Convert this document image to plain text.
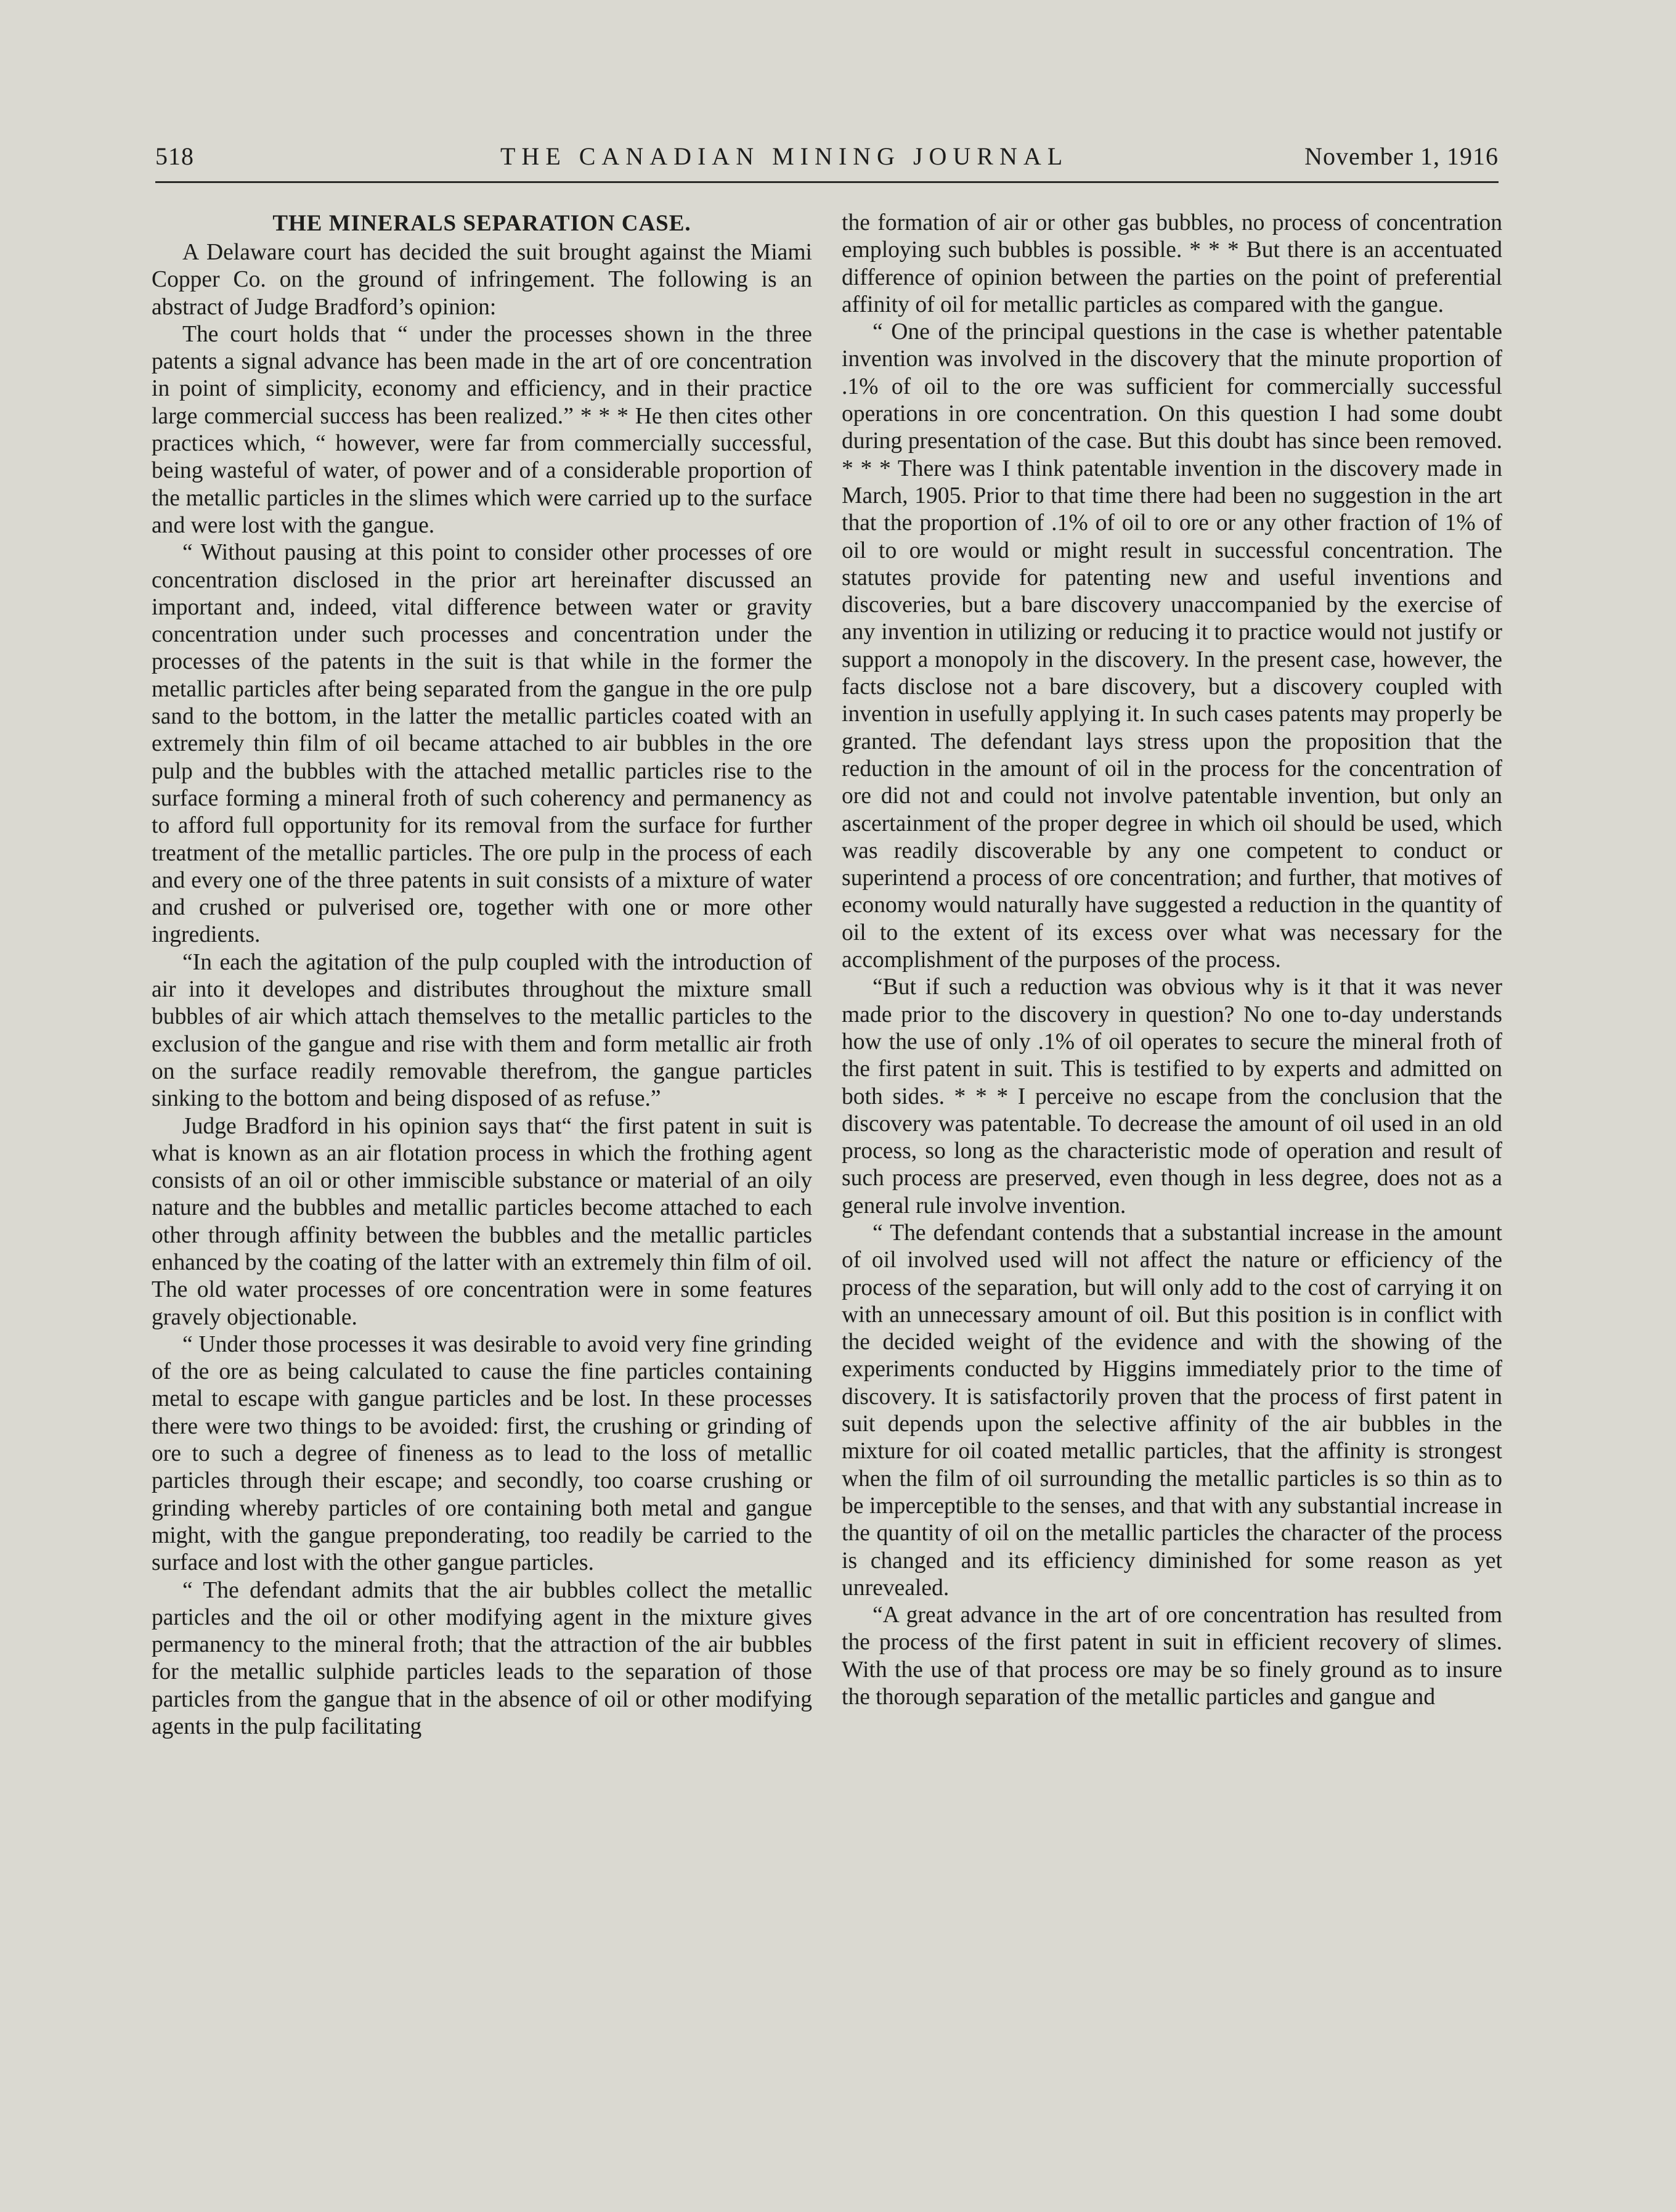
518	THE CANADIAN MINING JOURNAL	November 1, 1916
THE MINERALS SEPARATION CASE.

A Delaware court has decided the suit brought against the Miami Copper Co. on the ground of infringement. The following is an abstract of Judge Bradford’s opinion:

The court holds that “ under the processes shown in the three patents a signal advance has been made in the art of ore concentration in point of simplicity, economy and efficiency, and in their practice large commercial success has been realized.” * * * He then cites other practices which, “ however, were far from commercially successful, being wasteful of water, of power and of a considerable proportion of the metallic particles in the slimes which were carried up to the surface and were lost with the gangue.

“ Without pausing at this point to consider other processes of ore concentration disclosed in the prior art hereinafter discussed an important and, indeed, vital difference between water or gravity concentration under such processes and concentration under the processes of the patents in the suit is that while in the former the metallic particles after being separated from the gangue in the ore pulp sand to the bottom, in the latter the metallic particles coated with an extremely thin film of oil became attached to air bubbles in the ore pulp and the bubbles with the attached metallic particles rise to the surface forming a mineral froth of such coherency and permanency as to afford full opportunity for its removal from the surface for further treatment of the metallic particles. The ore pulp in the process of each and every one of the three patents in suit consists of a mixture of water and crushed or pulverised ore, together with one or more other ingredients.

“In each the agitation of the pulp coupled with the introduction of air into it developes and distributes throughout the mixture small bubbles of air which attach themselves to the metallic particles to the exclusion of the gangue and rise with them and form metallic air froth on the surface readily removable therefrom, the gangue particles sinking to the bottom and being disposed of as refuse.”

Judge Bradford in his opinion says that“ the first patent in suit is what is known as an air flotation process in which the frothing agent consists of an oil or other immiscible substance or material of an oily nature and the bubbles and metallic particles become attached to each other through affinity between the bubbles and the metallic particles enhanced by the coating of the latter with an extremely thin film of oil. The old water processes of ore concentration were in some features gravely objectionable.

“ Under those processes it was desirable to avoid very fine grinding of the ore as being calculated to cause the fine particles containing metal to escape with gangue particles and be lost. In these processes there were two things to be avoided: first, the crushing or grinding of ore to such a degree of fineness as to lead to the loss of metallic particles through their escape; and secondly, too coarse crushing or grinding whereby particles of ore containing both metal and gangue might, with the gangue preponderating, too readily be carried to the surface and lost with the other gangue particles.

“ The defendant admits that the air bubbles collect the metallic particles and the oil or other modifying agent in the mixture gives permanency to the mineral froth; that the attraction of the air bubbles for the metallic sulphide particles leads to the separation of those particles from the gangue that in the absence of oil or other modifying agents in the pulp facilitating

the formation of air or other gas bubbles, no process of concentration employing such bubbles is possible. * * * But there is an accentuated difference of opinion between the parties on the point of preferential affinity of oil for metallic particles as compared with the gangue.

“ One of the principal questions in the case is whether patentable invention was involved in the discovery that the minute proportion of .1% of oil to the ore was sufficient for commercially successful operations in ore concentration. On this question I had some doubt during presentation of the case. But this doubt has since been removed. * * * There was I think patentable invention in the discovery made in March, 1905. Prior to that time there had been no suggestion in the art that the proportion of .1% of oil to ore or any other fraction of 1% of oil to ore would or might result in successful concentration. The statutes provide for patenting new and useful inventions and discoveries, but a bare discovery unaccompanied by the exercise of any invention in utilizing or reducing it to practice would not justify or support a monopoly in the discovery. In the present case, however, the facts disclose not a bare discovery, but a discovery coupled with invention in usefully applying it. In such cases patents may properly be granted. The defendant lays stress upon the proposition that the reduction in the amount of oil in the process for the concentration of ore did not and could not involve patentable invention, but only an ascertainment of the proper degree in which oil should be used, which was readily discoverable by any one competent to conduct or superintend a process of ore concentration; and further, that motives of economy would naturally have suggested a reduction in the quantity of oil to the extent of its excess over what was necessary for the accomplishment of the purposes of the process.

“But if such a reduction was obvious why is it that it was never made prior to the discovery in question? No one to-day understands how the use of only .1% of oil operates to secure the mineral froth of the first patent in suit. This is testified to by experts and admitted on both sides. * * * I perceive no escape from the conclusion that the discovery was patentable. To decrease the amount of oil used in an old process, so long as the characteristic mode of operation and result of such process are preserved, even though in less degree, does not as a general rule involve invention.

“ The defendant contends that a substantial increase in the amount of oil involved used will not affect the nature or efficiency of the process of the separation, but will only add to the cost of carrying it on with an unnecessary amount of oil. But this position is in conflict with the decided weight of the evidence and with the showing of the experiments conducted by Higgins immediately prior to the time of discovery. It is satisfactorily proven that the process of first patent in suit depends upon the selective affinity of the air bubbles in the mixture for oil coated metallic particles, that the affinity is strongest when the film of oil surrounding the metallic particles is so thin as to be imperceptible to the senses, and that with any substantial increase in the quantity of oil on the metallic particles the character of the process is changed and its efficiency diminished for some reason as yet unrevealed.

“A great advance in the art of ore concentration has resulted from the process of the first patent in suit in efficient recovery of slimes. With the use of that process ore may be so finely ground as to insure the thorough separation of the metallic particles and gangue and
